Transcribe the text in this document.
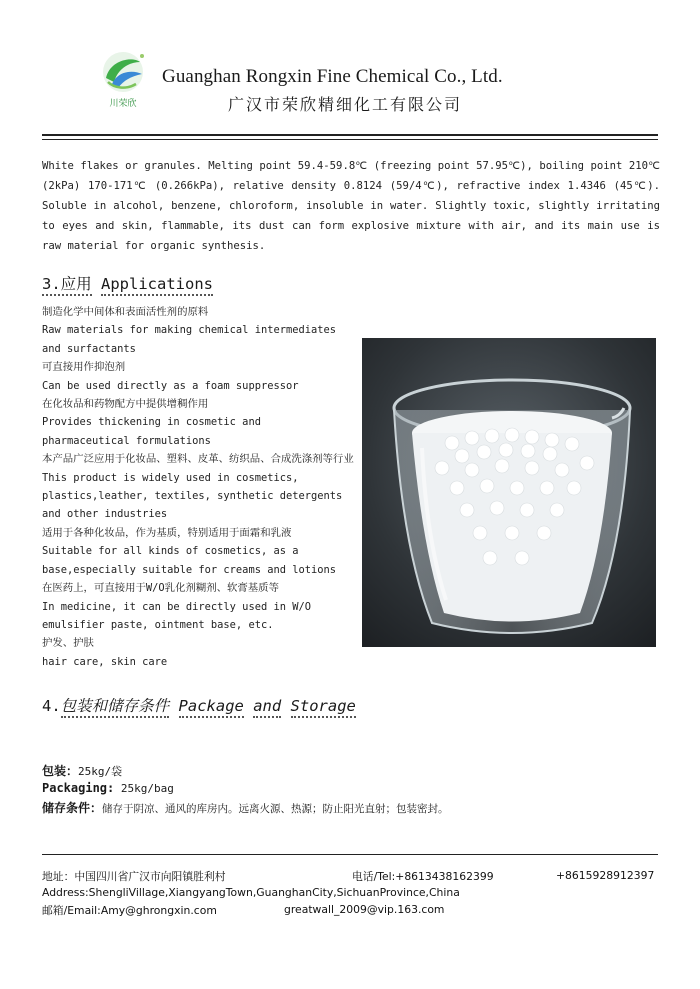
川荣欣
Guanghan Rongxin Fine Chemical Co., Ltd.
广汉市荣欣精细化工有限公司
White flakes or granules. Melting point 59.4-59.8℃ (freezing point 57.95℃), boiling point 210℃ (2kPa) 170-171℃ (0.266kPa), relative density 0.8124 (59/4℃), refractive index 1.4346 (45℃). Soluble in alcohol, benzene, chloroform, insoluble in water. Slightly toxic, slightly irritating to eyes and skin, flammable, its dust can form explosive mixture with air, and its main use is raw material for organic synthesis.
3.应用 Applications
制造化学中间体和表面活性剂的原料
Raw materials for making chemical intermediates and surfactants
可直接用作抑泡剂
Can be used directly as a foam suppressor
在化妆品和药物配方中提供增稠作用
Provides thickening in cosmetic and pharmaceutical formulations
本产品广泛应用于化妆品、塑料、皮革、纺织品、合成洗涤剂等行业
This product is widely used in cosmetics, plastics,leather, textiles, synthetic detergents and other industries
适用于各种化妆品，作为基质，特别适用于面霜和乳液
Suitable for all kinds of cosmetics, as a base,especially suitable for creams and lotions
在医药上，可直接用于W/O乳化剂糊剂、软膏基质等
In medicine, it can be directly used in W/O emulsifier paste, ointment base, etc.
护发、护肤
hair care, skin care
4.包装和储存条件 Package and Storage
包装：25kg/袋
Packaging: 25kg/bag
储存条件：储存于阴凉、通风的库房内。远离火源、热源；防止阳光直射；包装密封。
地址：中国四川省广汉市向阳镇胜利村	电话/Tel:+8613438162399	+8615928912397
Address:ShengliVillage,XiangyangTown,GuanghanCity,SichuanProvince,China
邮箱/Email:Amy@ghrongxin.com	greatwall_2009@vip.163.com
